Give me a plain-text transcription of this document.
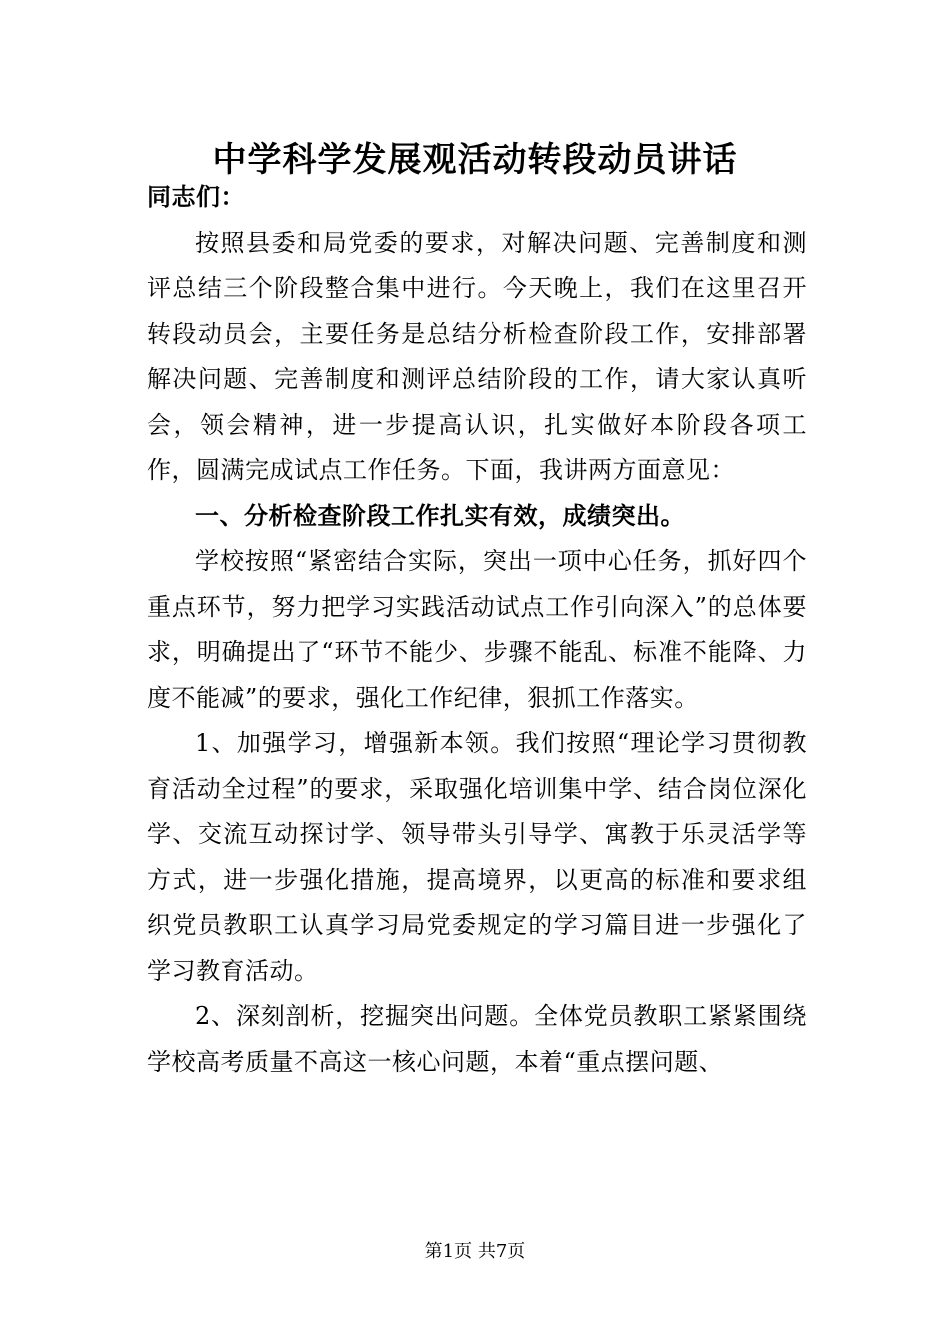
中学科学发展观活动转段动员讲话

同志们：

按照县委和局党委的要求，对解决问题、完善制度和测评总结三个阶段整合集中进行。今天晚上，我们在这里召开转段动员会，主要任务是总结分析检查阶段工作，安排部署解决问题、完善制度和测评总结阶段的工作，请大家认真听会，领会精神，进一步提高认识，扎实做好本阶段各项工作，圆满完成试点工作任务。下面，我讲两方面意见：

一、分析检查阶段工作扎实有效，成绩突出。

学校按照“紧密结合实际，突出一项中心任务，抓好四个重点环节，努力把学习实践活动试点工作引向深入”的总体要求，明确提出了“环节不能少、步骤不能乱、标准不能降、力度不能减”的要求，强化工作纪律，狠抓工作落实。

1、加强学习，增强新本领。我们按照“理论学习贯彻教育活动全过程”的要求，采取强化培训集中学、结合岗位深化学、交流互动探讨学、领导带头引导学、寓教于乐灵活学等方式，进一步强化措施，提高境界，以更高的标准和要求组织党员教职工认真学习局党委规定的学习篇目进一步强化了学习教育活动。

2、深刻剖析，挖掘突出问题。全体党员教职工紧紧围绕学校高考质量不高这一核心问题，本着“重点摆问题、

第1页 共7页
